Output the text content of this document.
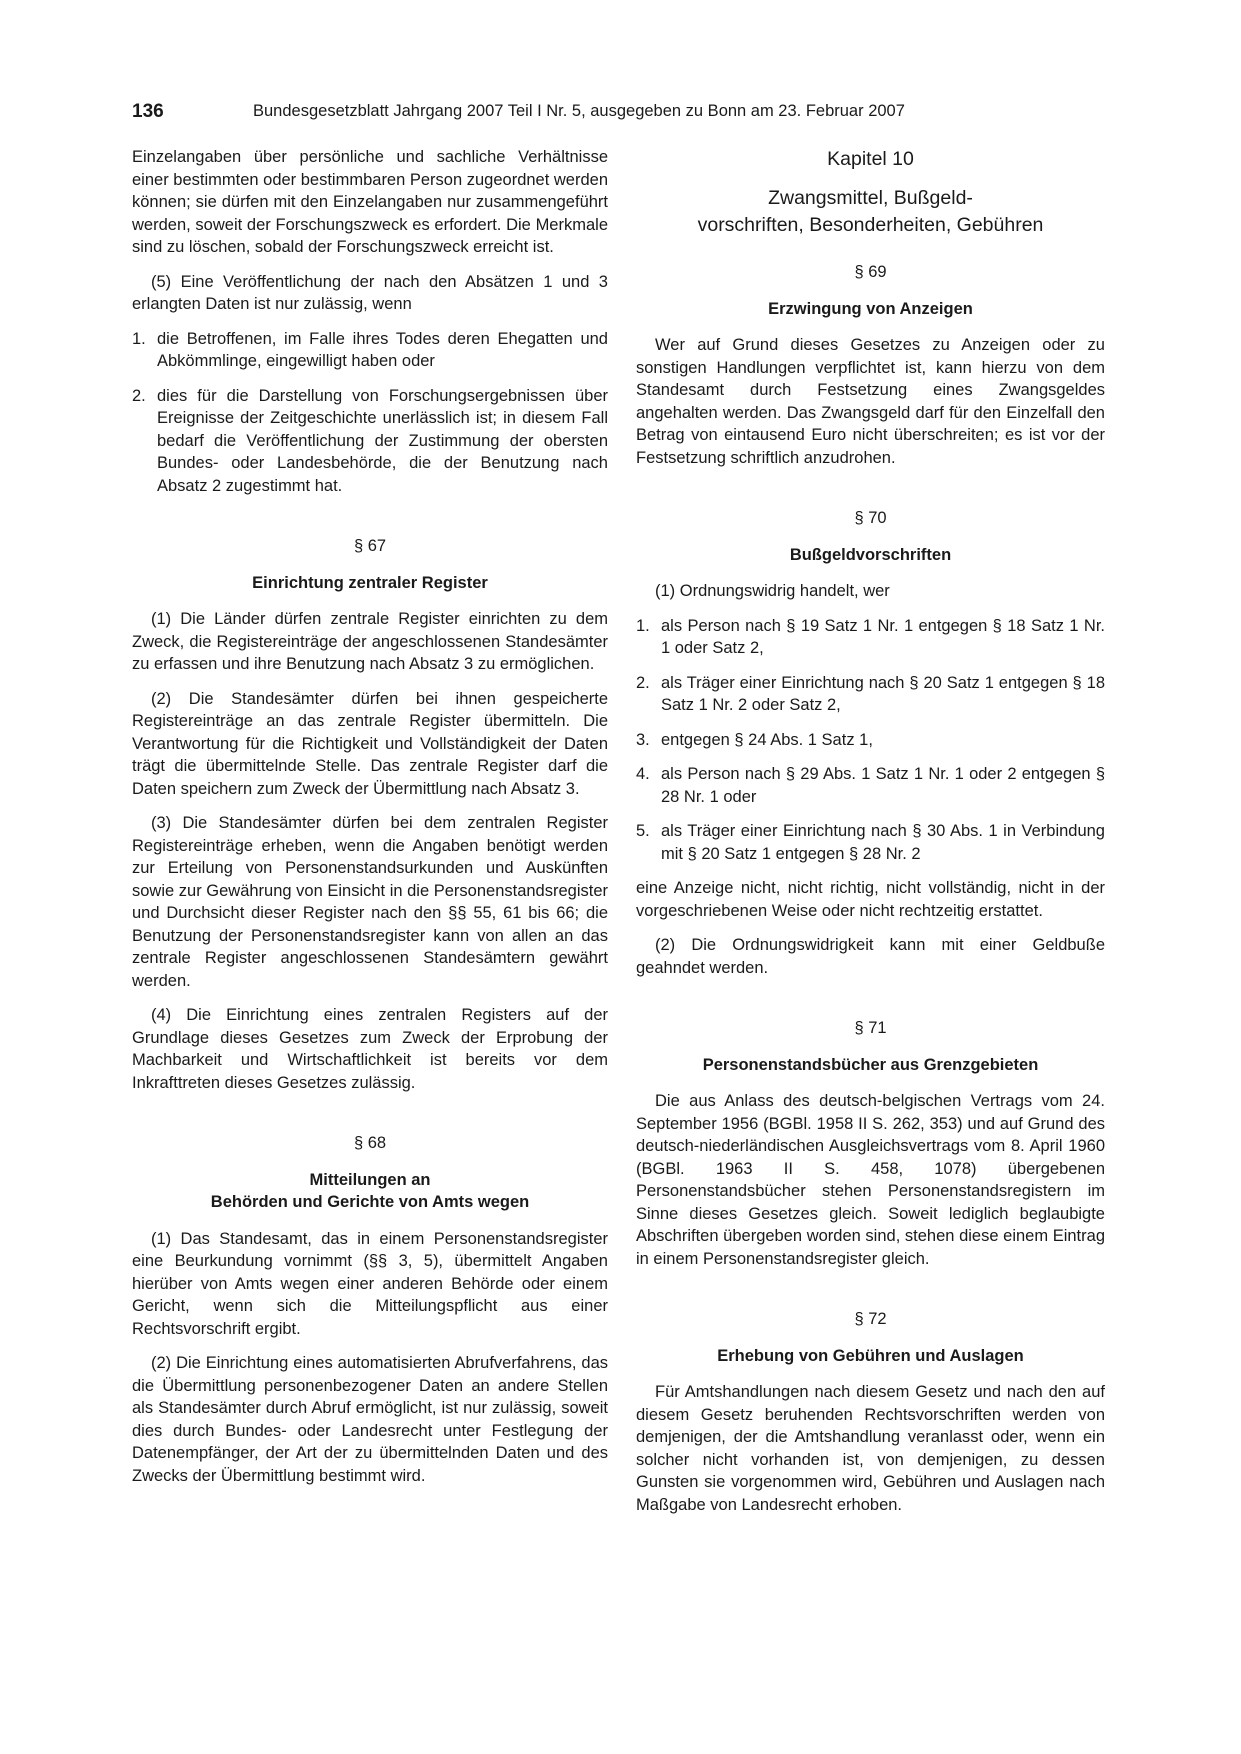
136	Bundesgesetzblatt Jahrgang 2007 Teil I Nr. 5, ausgegeben zu Bonn am 23. Februar 2007

Einzelangaben über persönliche und sachliche Verhältnisse einer bestimmten oder bestimmbaren Person zugeordnet werden können; sie dürfen mit den Einzelangaben nur zusammengeführt werden, soweit der Forschungszweck es erfordert. Die Merkmale sind zu löschen, sobald der Forschungszweck erreicht ist.

(5) Eine Veröffentlichung der nach den Absätzen 1 und 3 erlangten Daten ist nur zulässig, wenn

1. die Betroffenen, im Falle ihres Todes deren Ehegatten und Abkömmlinge, eingewilligt haben oder
2. dies für die Darstellung von Forschungsergebnissen über Ereignisse der Zeitgeschichte unerlässlich ist; in diesem Fall bedarf die Veröffentlichung der Zustimmung der obersten Bundes- oder Landesbehörde, die der Benutzung nach Absatz 2 zugestimmt hat.
§ 67
Einrichtung zentraler Register

(1) Die Länder dürfen zentrale Register einrichten zu dem Zweck, die Registereinträge der angeschlossenen Standesämter zu erfassen und ihre Benutzung nach Absatz 3 zu ermöglichen.

(2) Die Standesämter dürfen bei ihnen gespeicherte Registereinträge an das zentrale Register übermitteln. Die Verantwortung für die Richtigkeit und Vollständigkeit der Daten trägt die übermittelnde Stelle. Das zentrale Register darf die Daten speichern zum Zweck der Übermittlung nach Absatz 3.

(3) Die Standesämter dürfen bei dem zentralen Register Registereinträge erheben, wenn die Angaben benötigt werden zur Erteilung von Personenstandsurkunden und Auskünften sowie zur Gewährung von Einsicht in die Personenstandsregister und Durchsicht dieser Register nach den §§ 55, 61 bis 66; die Benutzung der Personenstandsregister kann von allen an das zentrale Register angeschlossenen Standesämtern gewährt werden.

(4) Die Einrichtung eines zentralen Registers auf der Grundlage dieses Gesetzes zum Zweck der Erprobung der Machbarkeit und Wirtschaftlichkeit ist bereits vor dem Inkrafttreten dieses Gesetzes zulässig.

§ 68
Mitteilungen an
Behörden und Gerichte von Amts wegen

(1) Das Standesamt, das in einem Personenstandsregister eine Beurkundung vornimmt (§§ 3, 5), übermittelt Angaben hierüber von Amts wegen einer anderen Behörde oder einem Gericht, wenn sich die Mitteilungspflicht aus einer Rechtsvorschrift ergibt.

(2) Die Einrichtung eines automatisierten Abrufverfahrens, das die Übermittlung personenbezogener Daten an andere Stellen als Standesämter durch Abruf ermöglicht, ist nur zulässig, soweit dies durch Bundes- oder Landesrecht unter Festlegung der Datenempfänger, der Art der zu übermittelnden Daten und des Zwecks der Übermittlung bestimmt wird.

Kapitel 10
Zwangsmittel, Bußgeld-
vorschriften, Besonderheiten, Gebühren
§ 69
Erzwingung von Anzeigen

Wer auf Grund dieses Gesetzes zu Anzeigen oder zu sonstigen Handlungen verpflichtet ist, kann hierzu von dem Standesamt durch Festsetzung eines Zwangsgeldes angehalten werden. Das Zwangsgeld darf für den Einzelfall den Betrag von eintausend Euro nicht überschreiten; es ist vor der Festsetzung schriftlich anzudrohen.

§ 70
Bußgeldvorschriften

(1) Ordnungswidrig handelt, wer

1. als Person nach § 19 Satz 1 Nr. 1 entgegen § 18 Satz 1 Nr. 1 oder Satz 2,
2. als Träger einer Einrichtung nach § 20 Satz 1 entgegen § 18 Satz 1 Nr. 2 oder Satz 2,
3. entgegen § 24 Abs. 1 Satz 1,
4. als Person nach § 29 Abs. 1 Satz 1 Nr. 1 oder 2 entgegen § 28 Nr. 1 oder
5. als Träger einer Einrichtung nach § 30 Abs. 1 in Verbindung mit § 20 Satz 1 entgegen § 28 Nr. 2

eine Anzeige nicht, nicht richtig, nicht vollständig, nicht in der vorgeschriebenen Weise oder nicht rechtzeitig erstattet.

(2) Die Ordnungswidrigkeit kann mit einer Geldbuße geahndet werden.

§ 71
Personenstandsbücher aus Grenzgebieten

Die aus Anlass des deutsch-belgischen Vertrags vom 24. September 1956 (BGBl. 1958 II S. 262, 353) und auf Grund des deutsch-niederländischen Ausgleichsvertrags vom 8. April 1960 (BGBl. 1963 II S. 458, 1078) übergebenen Personenstandsbücher stehen Personenstandsregistern im Sinne dieses Gesetzes gleich. Soweit lediglich beglaubigte Abschriften übergeben worden sind, stehen diese einem Eintrag in einem Personenstandsregister gleich.

§ 72
Erhebung von Gebühren und Auslagen

Für Amtshandlungen nach diesem Gesetz und nach den auf diesem Gesetz beruhenden Rechtsvorschriften werden von demjenigen, der die Amtshandlung veranlasst oder, wenn ein solcher nicht vorhanden ist, von demjenigen, zu dessen Gunsten sie vorgenommen wird, Gebühren und Auslagen nach Maßgabe von Landesrecht erhoben.
